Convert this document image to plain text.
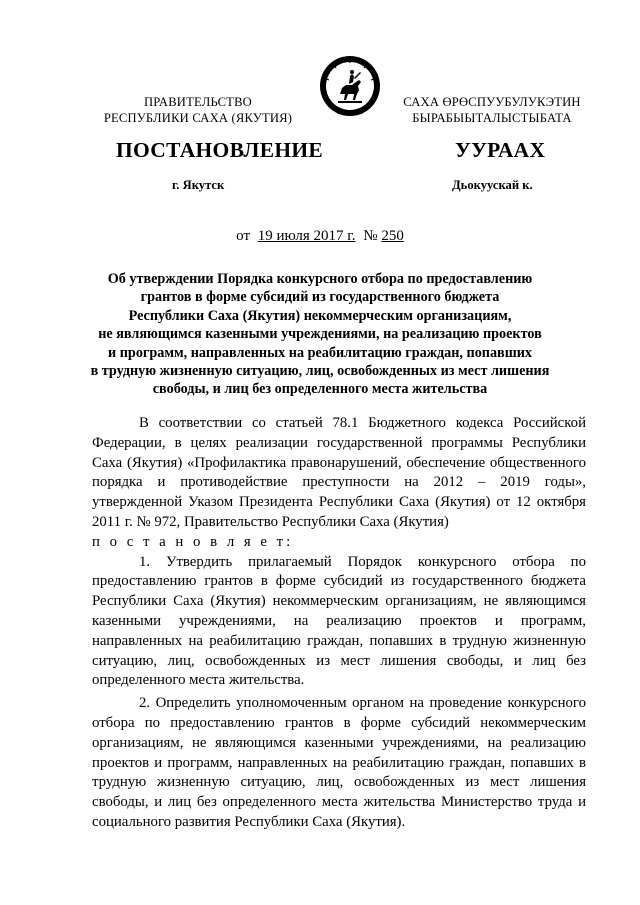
ПРАВИТЕЛЬСТВО
РЕСПУБЛИКИ САХА (ЯКУТИЯ)
САХА ӨРӨСПУУБУЛУКЭТИН
БЫРАБЫЫТАЛЫСТЫБАТА
ПОСТАНОВЛЕНИЕ	УУРААХ
г. Якутск	Дьокуускай к.
от 19 июля 2017 г. № 250
Об утверждении Порядка конкурсного отбора по предоставлению
грантов в форме субсидий из государственного бюджета
Республики Саха (Якутия) некоммерческим организациям,
не являющимся казенными учреждениями, на реализацию проектов
и программ, направленных на реабилитацию граждан, попавших
в трудную жизненную ситуацию, лиц, освобожденных из мест лишения
свободы, и лиц без определенного места жительства

В соответствии со статьей 78.1 Бюджетного кодекса Российской Федерации, в целях реализации государственной программы Республики Саха (Якутия) «Профилактика правонарушений, обеспечение общественного порядка и противодействие преступности на 2012 – 2019 годы», утвержденной Указом Президента Республики Саха (Якутия) от 12 октября 2011 г. № 972, Правительство Республики Саха (Якутия)

п о с т а н о в л я е т:

1. Утвердить прилагаемый Порядок конкурсного отбора по предоставлению грантов в форме субсидий из государственного бюджета Республики Саха (Якутия) некоммерческим организациям, не являющимся казенными учреждениями, на реализацию проектов и программ, направленных на реабилитацию граждан, попавших в трудную жизненную ситуацию, лиц, освобожденных из мест лишения свободы, и лиц без определенного места жительства.

2. Определить уполномоченным органом на проведение конкурсного отбора по предоставлению грантов в форме субсидий некоммерческим организациям, не являющимся казенными учреждениями, на реализацию проектов и программ, направленных на реабилитацию граждан, попавших в трудную жизненную ситуацию, лиц, освобожденных из мест лишения свободы, и лиц без определенного места жительства Министерство труда и социального развития Республики Саха (Якутия).
